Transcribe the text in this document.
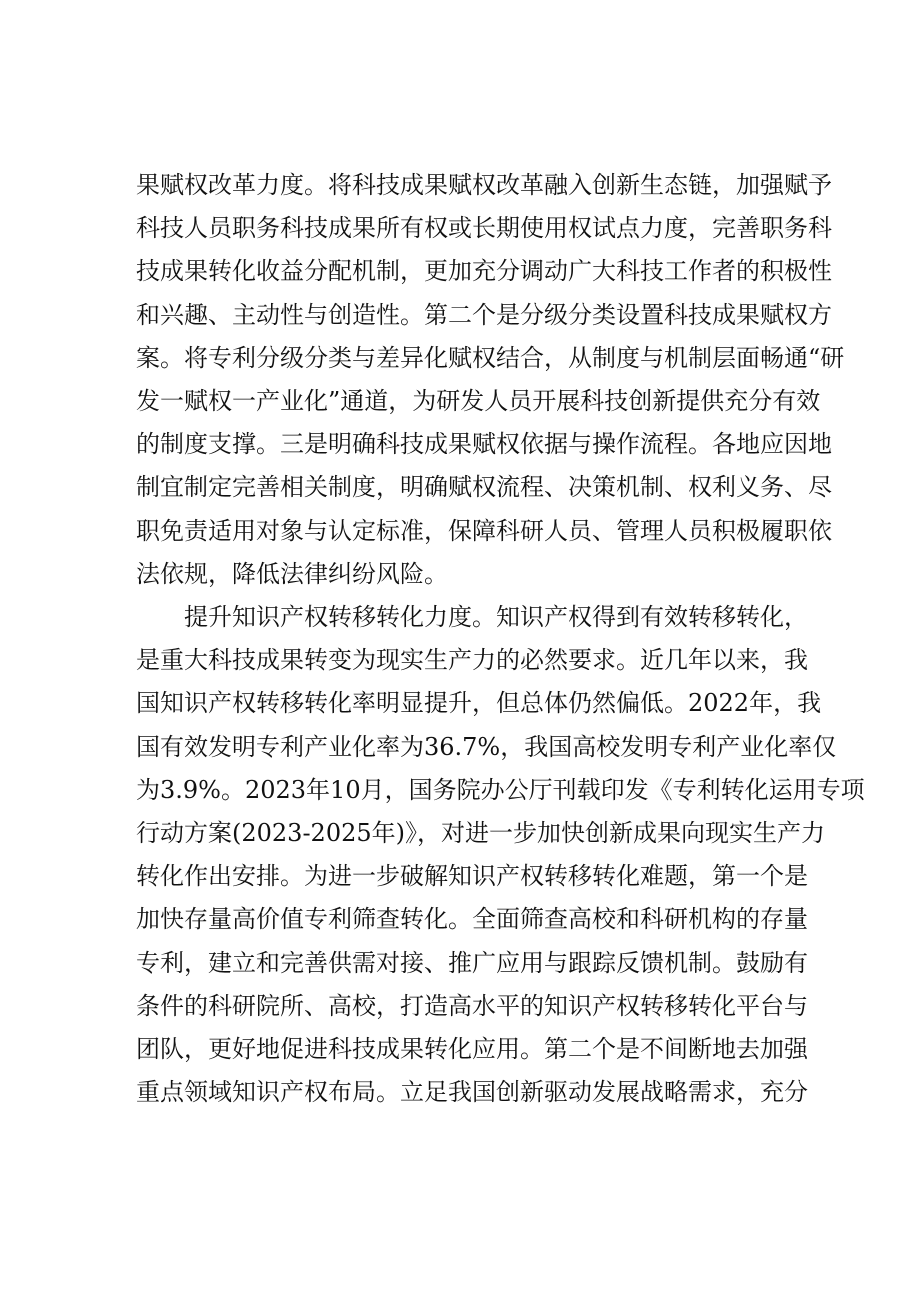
果赋权改革力度。将科技成果赋权改革融入创新生态链，加强赋予
科技人员职务科技成果所有权或长期使用权试点力度，完善职务科
技成果转化收益分配机制，更加充分调动广大科技工作者的积极性
和兴趣、主动性与创造性。第二个是分级分类设置科技成果赋权方
案。将专利分级分类与差异化赋权结合，从制度与机制层面畅通“研
发一赋权一产业化”通道，为研发人员开展科技创新提供充分有效
的制度支撑。三是明确科技成果赋权依据与操作流程。各地应因地
制宜制定完善相关制度，明确赋权流程、决策机制、权利义务、尽
职免责适用对象与认定标准，保障科研人员、管理人员积极履职依
法依规，降低法律纠纷风险。
提升知识产权转移转化力度。知识产权得到有效转移转化，
是重大科技成果转变为现实生产力的必然要求。近几年以来，我
国知识产权转移转化率明显提升，但总体仍然偏低。2022年，我
国有效发明专利产业化率为36.7%，我国高校发明专利产业化率仅
为3.9%。2023年10月，国务院办公厅刊载印发《专利转化运用专项
行动方案(2023-2025年)》，对进一步加快创新成果向现实生产力
转化作出安排。为进一步破解知识产权转移转化难题，第一个是
加快存量高价值专利筛查转化。全面筛查高校和科研机构的存量
专利，建立和完善供需对接、推广应用与跟踪反馈机制。鼓励有
条件的科研院所、高校，打造高水平的知识产权转移转化平台与
团队，更好地促进科技成果转化应用。第二个是不间断地去加强
重点领域知识产权布局。立足我国创新驱动发展战略需求，充分
